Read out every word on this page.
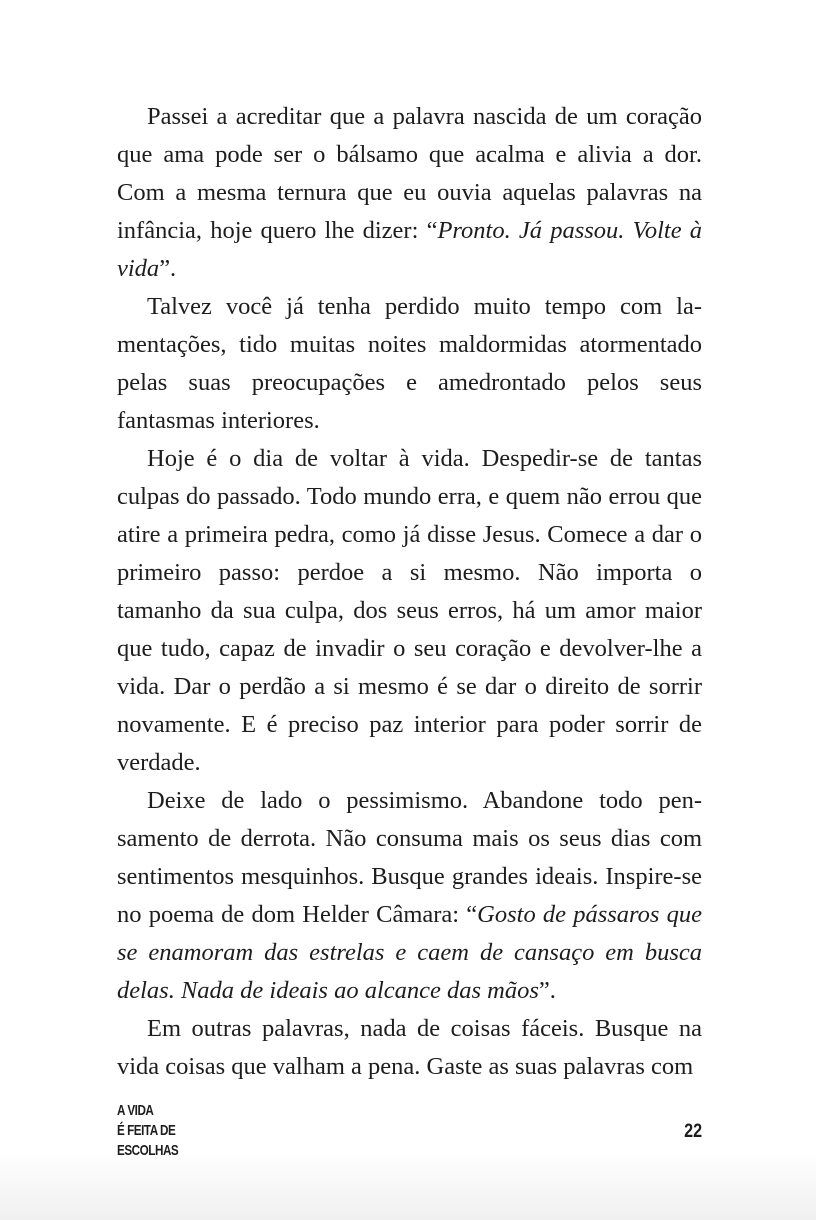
Passei a acreditar que a palavra nascida de um coração que ama pode ser o bálsamo que acalma e alivia a dor. Com a mesma ternura que eu ouvia aquelas palavras na infância, hoje quero lhe dizer: “Pronto. Já passou. Volte à vida”.

Talvez você já tenha perdido muito tempo com lamentações, tido muitas noites maldormidas atormentado pelas suas preocupações e amedrontado pelos seus fantasmas interiores.

Hoje é o dia de voltar à vida. Despedir-se de tantas culpas do passado. Todo mundo erra, e quem não errou que atire a primeira pedra, como já disse Jesus. Comece a dar o primeiro passo: perdoe a si mesmo. Não importa o tamanho da sua culpa, dos seus erros, há um amor maior que tudo, capaz de invadir o seu coração e devolver-lhe a vida. Dar o perdão a si mesmo é se dar o direito de sorrir novamente. E é preciso paz interior para poder sorrir de verdade.

Deixe de lado o pessimismo. Abandone todo pensamento de derrota. Não consuma mais os seus dias com sentimentos mesquinhos. Busque grandes ideais. Inspire-se no poema de dom Helder Câmara: “Gosto de pássaros que se enamoram das estrelas e caem de cansaço em busca delas. Nada de ideais ao alcance das mãos”.

Em outras palavras, nada de coisas fáceis. Busque na vida coisas que valham a pena. Gaste as suas palavras com

A VIDA
É FEITA DE
ESCOLHAS
22
